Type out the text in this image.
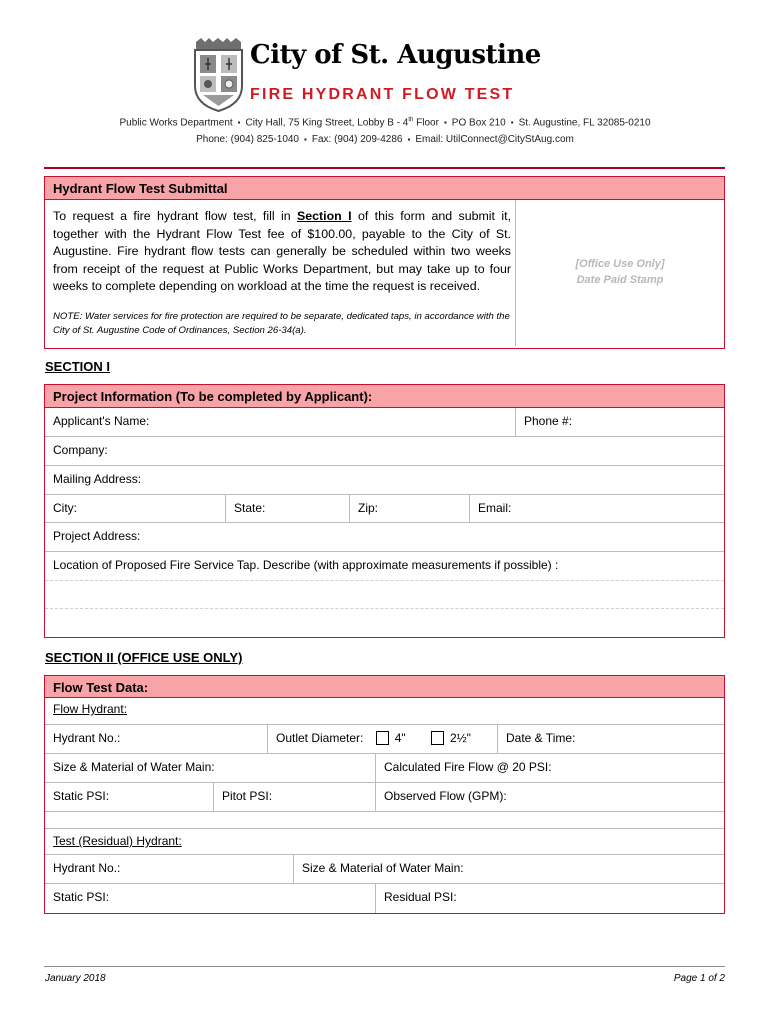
City of St. Augustine
FIRE HYDRANT FLOW TEST
Public Works Department ▪ City Hall, 75 King Street, Lobby B - 4th Floor ▪ PO Box 210 ▪ St. Augustine, FL 32085-0210
Phone: (904) 825-1040 ▪ Fax: (904) 209-4286 ▪ Email: UtilConnect@CityStAug.com
Hydrant Flow Test Submittal
To request a fire hydrant flow test, fill in Section I of this form and submit it, together with the Hydrant Flow Test fee of $100.00, payable to the City of St. Augustine. Fire hydrant flow tests can generally be scheduled within two weeks from receipt of the request at Public Works Department, but may take up to four weeks to complete depending on workload at the time the request is received.
NOTE: Water services for fire protection are required to be separate, dedicated taps, in accordance with the City of St. Augustine Code of Ordinances, Section 26-34(a).
[Office Use Only]
Date Paid Stamp
SECTION I
Project Information (To be completed by Applicant):
Applicant's Name:	Phone #:
Company:
Mailing Address:
City:	State:	Zip:	Email:
Project Address:
Location of Proposed Fire Service Tap. Describe (with approximate measurements if possible) :
SECTION II (OFFICE USE ONLY)
Flow Test Data:
Flow Hydrant:
Hydrant No.:	Outlet Diameter:	4"	2½"	Date & Time:
Size & Material of Water Main:	Calculated Fire Flow @ 20 PSI:
Static PSI:	Pitot PSI:	Observed Flow (GPM):
Test (Residual) Hydrant:
Hydrant No.:	Size & Material of Water Main:
Static PSI:	Residual PSI:
January 2018	Page 1 of 2
